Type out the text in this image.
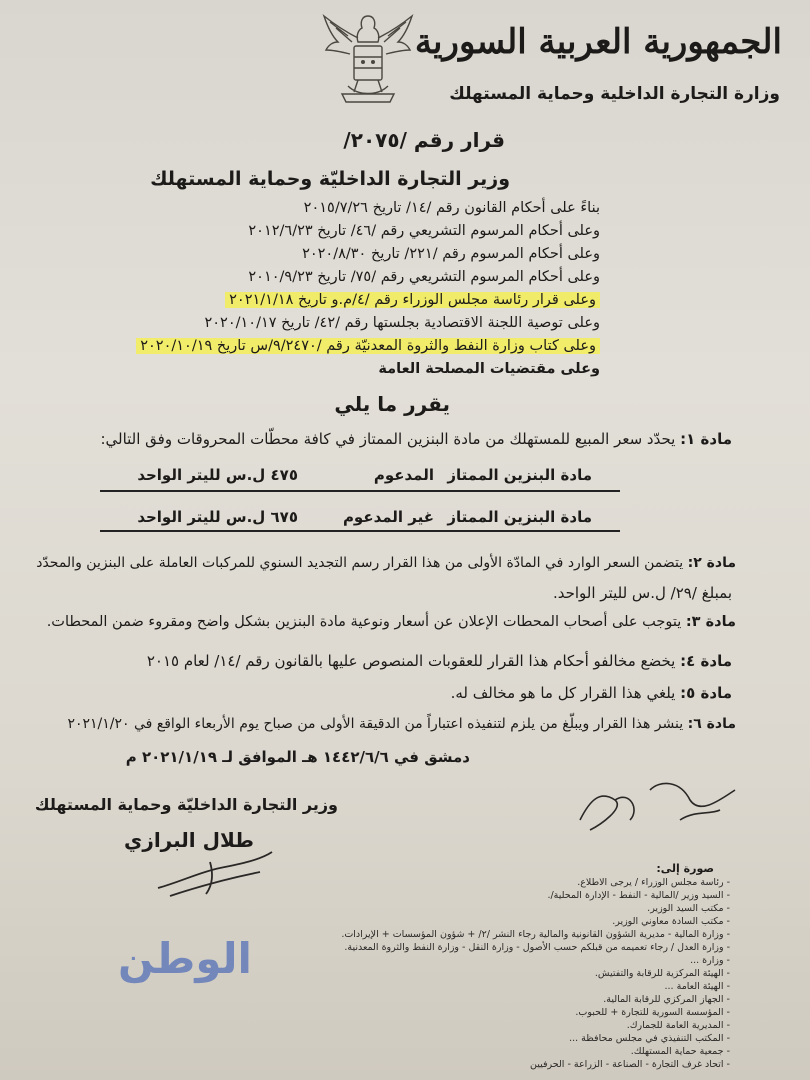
الجمهورية العربية السورية
وزارة التجارة الداخلية وحماية المستهلك
قرار رقم /٢٠٧٥/
وزير التجارة الداخليّة وحماية المستهلك
بناءً على أحكام القانون رقم /١٤/ تاريخ ٢٠١٥/٧/٢٦
وعلى أحكام المرسوم التشريعي رقم /٤٦/ تاريخ ٢٠١٢/٦/٢٣
وعلى أحكام المرسوم رقم /٢٢١/ تاريخ ٢٠٢٠/٨/٣٠
وعلى أحكام المرسوم التشريعي رقم /٧٥/ تاريخ ٢٠١٠/٩/٢٣
وعلى قرار رئاسة مجلس الوزراء رقم /٤/م.و تاريخ ٢٠٢١/١/١٨
وعلى توصية اللجنة الاقتصادية بجلستها رقم /٤٢/ تاريخ ٢٠٢٠/١٠/١٧
وعلى كتاب وزارة النفط والثروة المعدنيّة رقم /٩/٢٤٧٠/س تاريخ ٢٠٢٠/١٠/١٩
وعلى مقتضيات المصلحة العامة
يقرر ما يلي
مادة ١: يحدّد سعر المبيع للمستهلك من مادة البنزين الممتاز في كافة محطّات المحروقات وفق التالي:
مادة البنزين الممتاز
المدعوم
٤٧٥ ل.س لليتر الواحد
مادة البنزين الممتاز
غير المدعوم
٦٧٥ ل.س لليتر الواحد
مادة ٢: يتضمن السعر الوارد في المادّة الأولى من هذا القرار رسم التجديد السنوي للمركبات العاملة على البنزين والمحدّد
بمبلغ /٢٩/ ل.س لليتر الواحد.
مادة ٣: يتوجب على أصحاب المحطات الإعلان عن أسعار ونوعية مادة البنزين بشكل واضح ومقروء ضمن المحطات.
مادة ٤: يخضع مخالفو أحكام هذا القرار للعقوبات المنصوص عليها بالقانون رقم /١٤/ لعام ٢٠١٥
مادة ٥: يلغي هذا القرار كل ما هو مخالف له.
مادة ٦: ينشر هذا القرار ويبلّغ من يلزم لتنفيذه اعتباراً من الدقيقة الأولى من صباح يوم الأربعاء الواقع في ٢٠٢١/١/٢٠
دمشق في ١٤٤٢/٦/٦ هـ الموافق لـ ٢٠٢١/١/١٩ م
وزير التجارة الداخليّة وحماية المستهلك
طلال البرازي
صورة إلى:
- رئاسة مجلس الوزراء / يرجى الاطلاع.
- السيد وزير /المالية - النفط - الإدارة المحلية/.
- مكتب السيد الوزير.
- مكتب السادة معاوني الوزير.
- وزارة المالية - مديرية الشؤون القانونية والمالية رجاء النشر /٢/ + شؤون المؤسسات + الإيرادات.
- وزارة العدل / رجاء تعميمه من قبلكم حسب الأصول - وزارة النقل - وزارة النفط والثروة المعدنية.
- وزارة ...
- الهيئة المركزية للرقابة والتفتيش.
- الهيئة العامة ...
- الجهاز المركزي للرقابة المالية.
- المؤسسة السورية للتجارة + للحبوب.
- المديرية العامة للجمارك.
- المكتب التنفيذي في مجلس محافظة ...
- جمعية حماية المستهلك.
- اتحاد غرف التجارة - الصناعة - الزراعة - الحرفيين
الوطن
